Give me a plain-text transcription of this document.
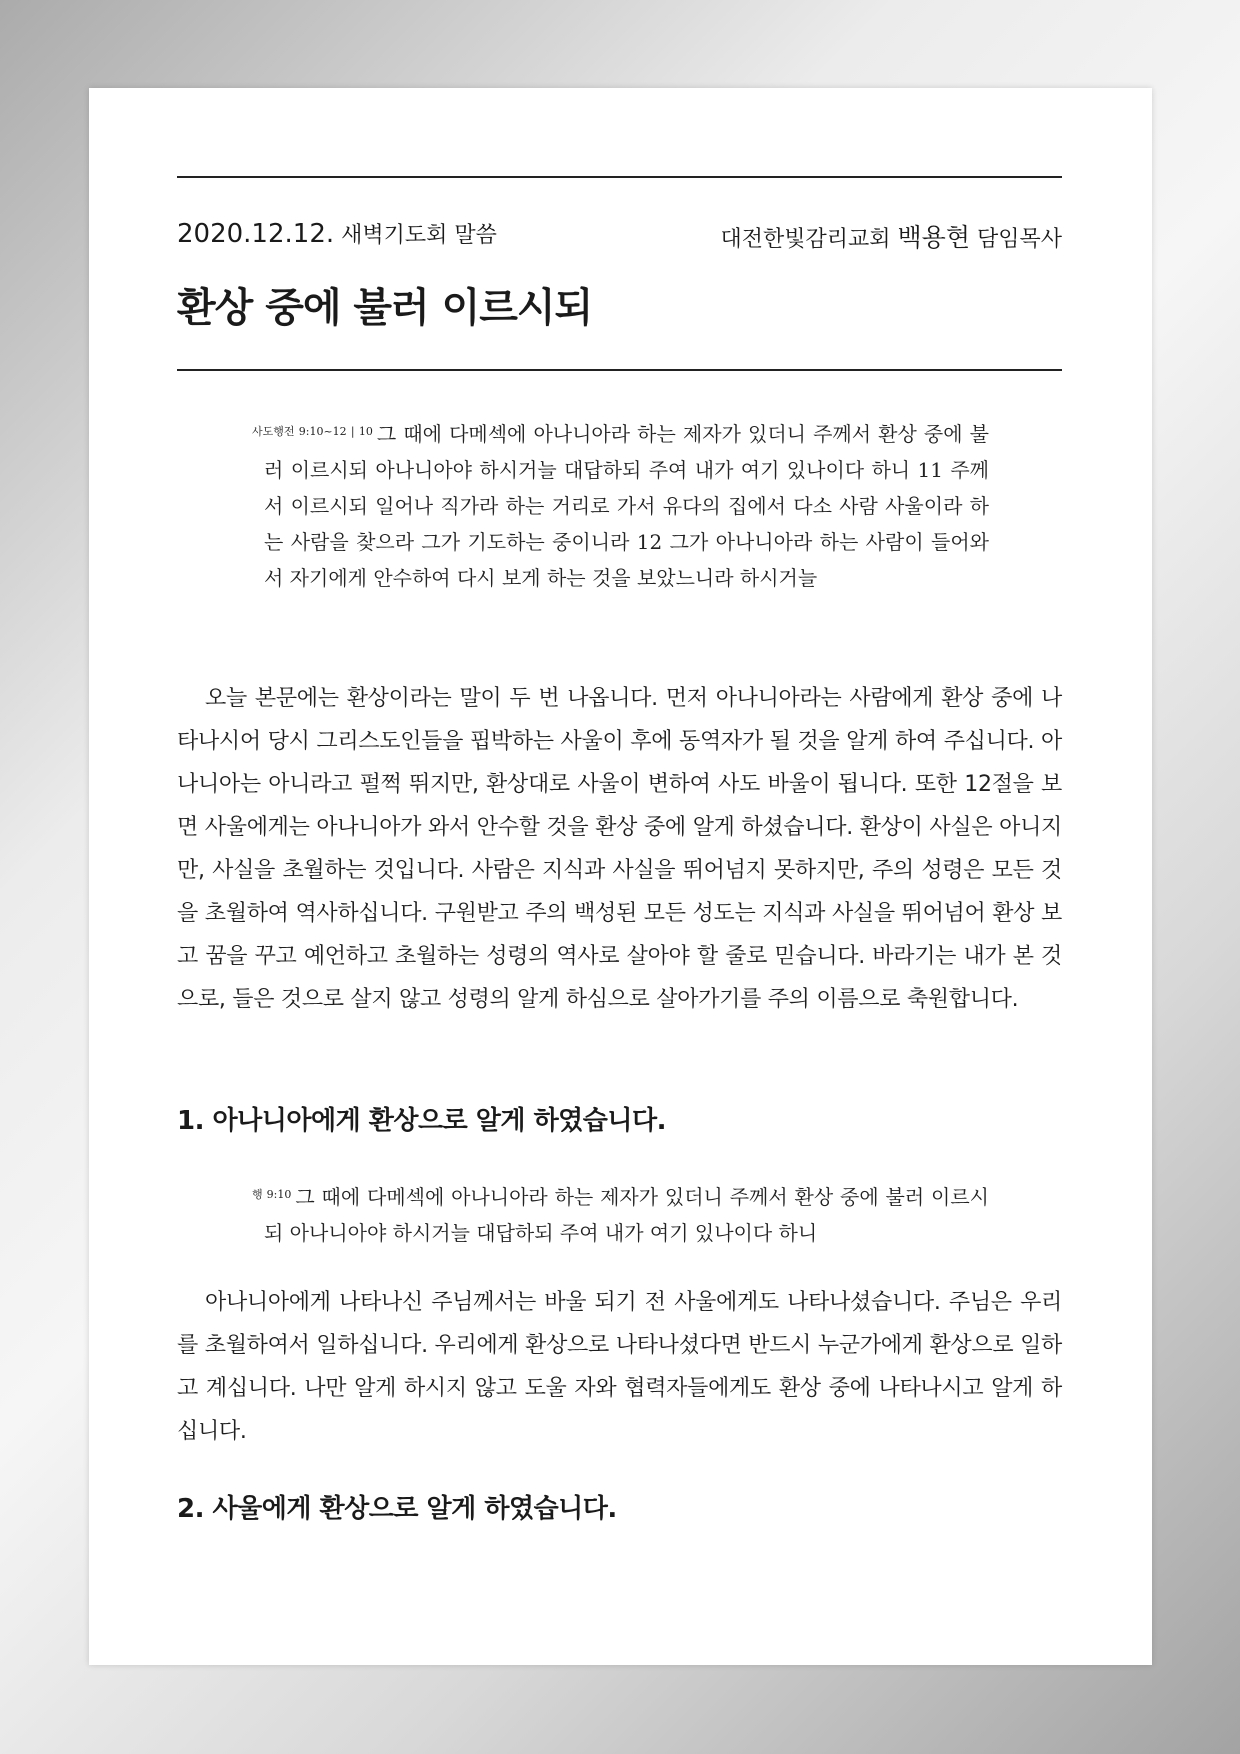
2020.12.12. 새벽기도회 말씀	대전한빛감리교회 백용현 담임목사
환상 중에 불러 이르시되
$^{사도행전 9:10\sim 12 | 10}$ 그 때에 다메섹에 아나니아라 하는 제자가 있더니 주께서 환상 중에 불러 이르시되 아나니아야 하시거늘 대답하되 주여 내가 여기 있나이다 하니 11 주께서 이르시되 일어나 직가라 하는 거리로 가서 유다의 집에서 다소 사람 사울이라 하는 사람을 찾으라 그가 기도하는 중이니라 12 그가 아나니아라 하는 사람이 들어와서 자기에게 안수하여 다시 보게 하는 것을 보았느니라 하시거늘
오늘 본문에는 환상이라는 말이 두 번 나옵니다. 먼저 아나니아라는 사람에게 환상 중에 나타나시어 당시 그리스도인들을 핍박하는 사울이 후에 동역자가 될 것을 알게 하여 주십니다. 아나니아는 아니라고 펄쩍 뛰지만, 환상대로 사울이 변하여 사도 바울이 됩니다. 또한 12절을 보면 사울에게는 아나니아가 와서 안수할 것을 환상 중에 알게 하셨습니다. 환상이 사실은 아니지만, 사실을 초월하는 것입니다. 사람은 지식과 사실을 뛰어넘지 못하지만, 주의 성령은 모든 것을 초월하여 역사하십니다. 구원받고 주의 백성된 모든 성도는 지식과 사실을 뛰어넘어 환상 보고 꿈을 꾸고 예언하고 초월하는 성령의 역사로 살아야 할 줄로 믿습니다. 바라기는 내가 본 것으로, 들은 것으로 살지 않고 성령의 알게 하심으로 살아가기를 주의 이름으로 축원합니다.
1. 아나니아에게 환상으로 알게 하였습니다.
$^{행 9:10}$ 그 때에 다메섹에 아나니아라 하는 제자가 있더니 주께서 환상 중에 불러 이르시되 아나니아야 하시거늘 대답하되 주여 내가 여기 있나이다 하니
아나니아에게 나타나신 주님께서는 바울 되기 전 사울에게도 나타나셨습니다. 주님은 우리를 초월하여서 일하십니다. 우리에게 환상으로 나타나셨다면 반드시 누군가에게 환상으로 일하고 계십니다. 나만 알게 하시지 않고 도울 자와 협력자들에게도 환상 중에 나타나시고 알게 하십니다.
2. 사울에게 환상으로 알게 하였습니다.
